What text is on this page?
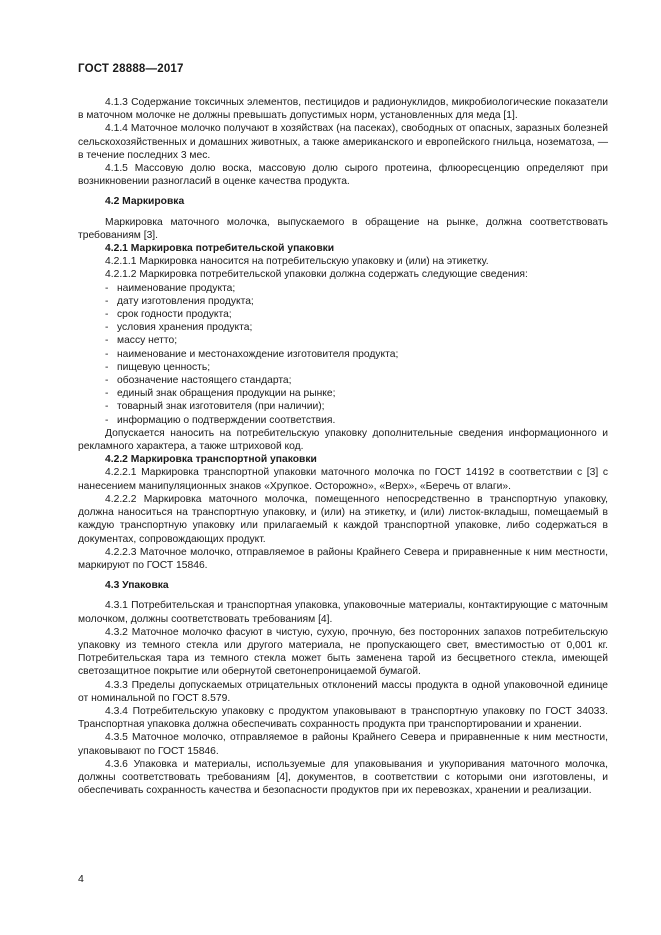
ГОСТ 28888—2017

4.1.3 Содержание токсичных элементов, пестицидов и радионуклидов, микробиологические показатели в маточном молочке не должны превышать допустимых норм, установленных для меда [1].

4.1.4 Маточное молочко получают в хозяйствах (на пасеках), свободных от опасных, заразных болезней сельскохозяйственных и домашних животных, а также американского и европейского гнильца, нозематоза, — в течение последних 3 мес.

4.1.5 Массовую долю воска, массовую долю сырого протеина, флюоресценцию определяют при возникновении разногласий в оценке качества продукта.

4.2 Маркировка

Маркировка маточного молочка, выпускаемого в обращение на рынке, должна соответствовать требованиям [3].

4.2.1 Маркировка потребительской упаковки

4.2.1.1 Маркировка наносится на потребительскую упаковку и (или) на этикетку.

4.2.1.2 Маркировка потребительской упаковки должна содержать следующие сведения:

- наименование продукта;
- дату изготовления продукта;
- срок годности продукта;
- условия хранения продукта;
- массу нетто;
- наименование и местонахождение изготовителя продукта;
- пищевую ценность;
- обозначение настоящего стандарта;
- единый знак обращения продукции на рынке;
- товарный знак изготовителя (при наличии);
- информацию о подтверждении соответствия.

Допускается наносить на потребительскую упаковку дополнительные сведения информационного и рекламного характера, а также штриховой код.

4.2.2 Маркировка транспортной упаковки

4.2.2.1 Маркировка транспортной упаковки маточного молочка по ГОСТ 14192 в соответствии с [3] с нанесением манипуляционных знаков «Хрупкое. Осторожно», «Верх», «Беречь от влаги».

4.2.2.2 Маркировка маточного молочка, помещенного непосредственно в транспортную упаковку, должна наноситься на транспортную упаковку, и (или) на этикетку, и (или) листок-вкладыш, помещаемый в каждую транспортную упаковку или прилагаемый к каждой транспортной упаковке, либо содержаться в документах, сопровождающих продукт.

4.2.2.3 Маточное молочко, отправляемое в районы Крайнего Севера и приравненные к ним местности, маркируют по ГОСТ 15846.

4.3 Упаковка

4.3.1 Потребительская и транспортная упаковка, упаковочные материалы, контактирующие с маточным молочком, должны соответствовать требованиям [4].

4.3.2 Маточное молочко фасуют в чистую, сухую, прочную, без посторонних запахов потребительскую упаковку из темного стекла или другого материала, не пропускающего свет, вместимостью от 0,001 кг. Потребительская тара из темного стекла может быть заменена тарой из бесцветного стекла, имеющей светозащитное покрытие или обернутой светонепроницаемой бумагой.

4.3.3 Пределы допускаемых отрицательных отклонений массы продукта в одной упаковочной единице от номинальной по ГОСТ 8.579.

4.3.4 Потребительскую упаковку с продуктом упаковывают в транспортную упаковку по ГОСТ 34033. Транспортная упаковка должна обеспечивать сохранность продукта при транспортировании и хранении.

4.3.5 Маточное молочко, отправляемое в районы Крайнего Севера и приравненные к ним местности, упаковывают по ГОСТ 15846.

4.3.6 Упаковка и материалы, используемые для упаковывания и укупоривания маточного молочка, должны соответствовать требованиям [4], документов, в соответствии с которыми они изготовлены, и обеспечивать сохранность качества и безопасности продуктов при их перевозках, хранении и реализации.

4
